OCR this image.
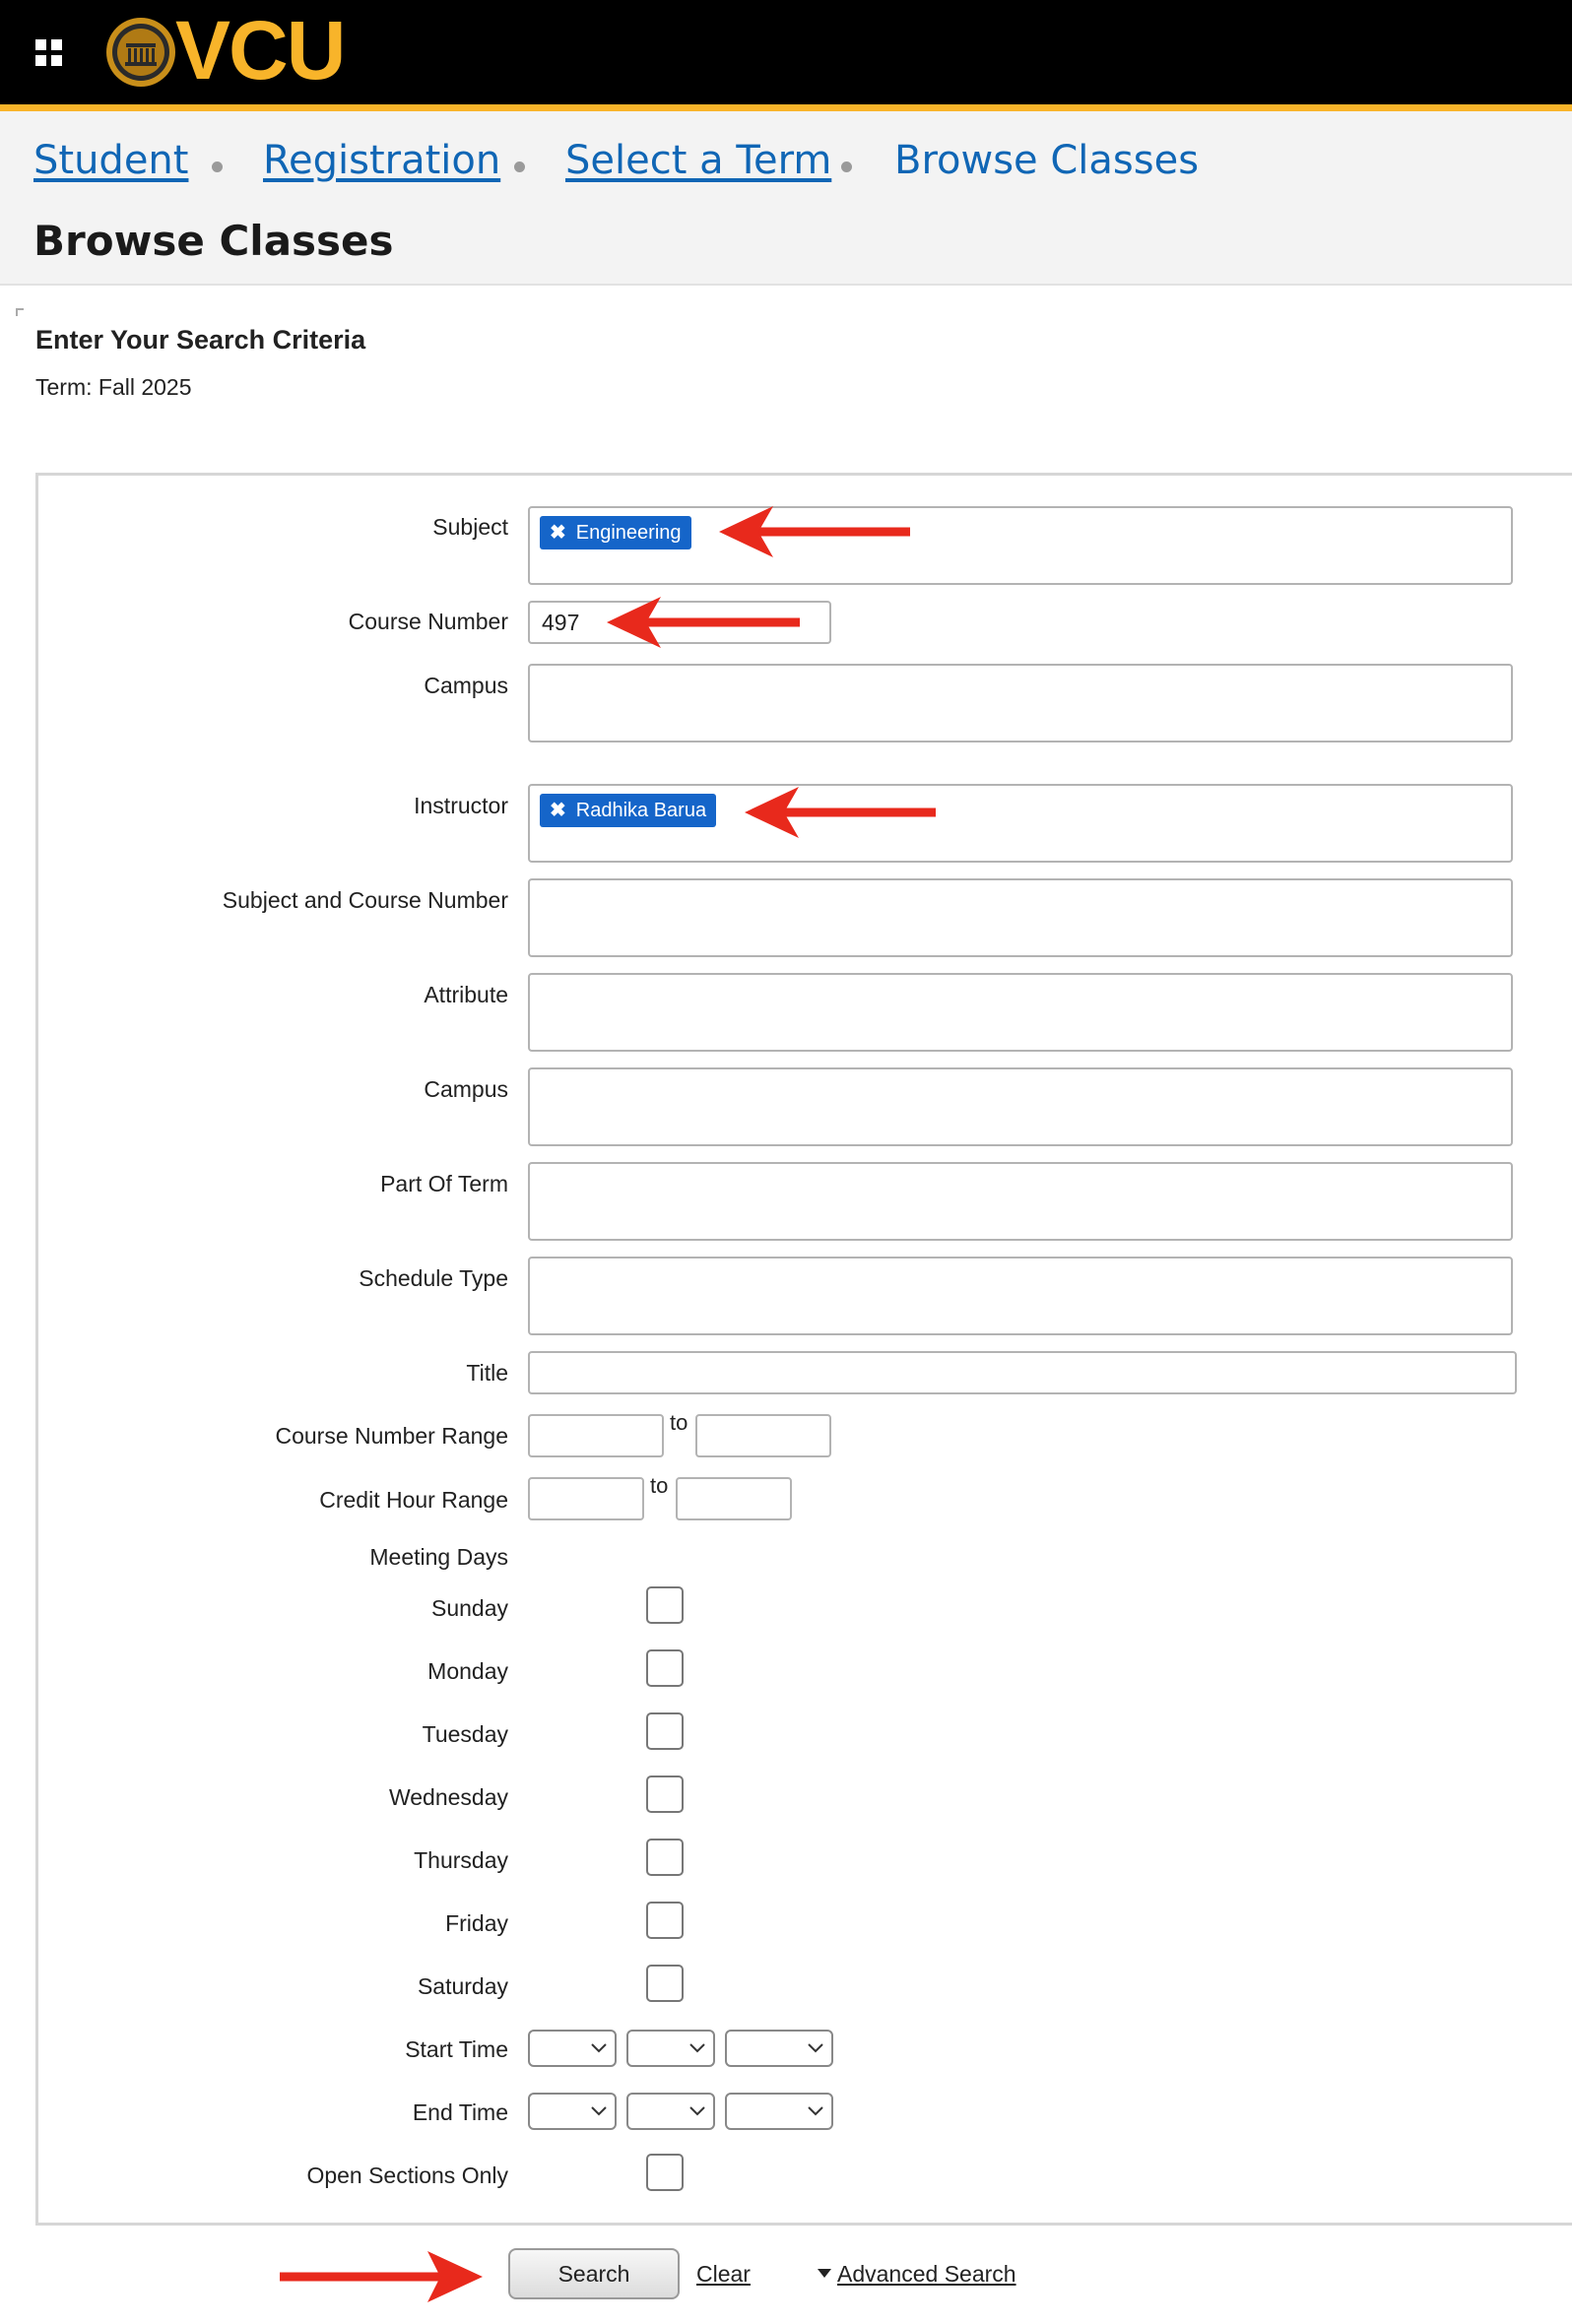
VCU
Student Registration Select a Term Browse Classes
Browse Classes
Enter Your Search Criteria
Term: Fall 2025
Subject	✖ Engineering
Course Number 497
Campus
Instructor	✖ Radhika Barua
Subject and Course Number
Attribute
Campus
Part Of Term
Schedule Type
Title
Course Number Range
to
Credit Hour Range
to
Meeting Days
Sunday
Monday
Tuesday
Wednesday
Thursday
Friday
Saturday
Start Time
End Time
Open Sections Only
Search	Clear	Advanced Search
